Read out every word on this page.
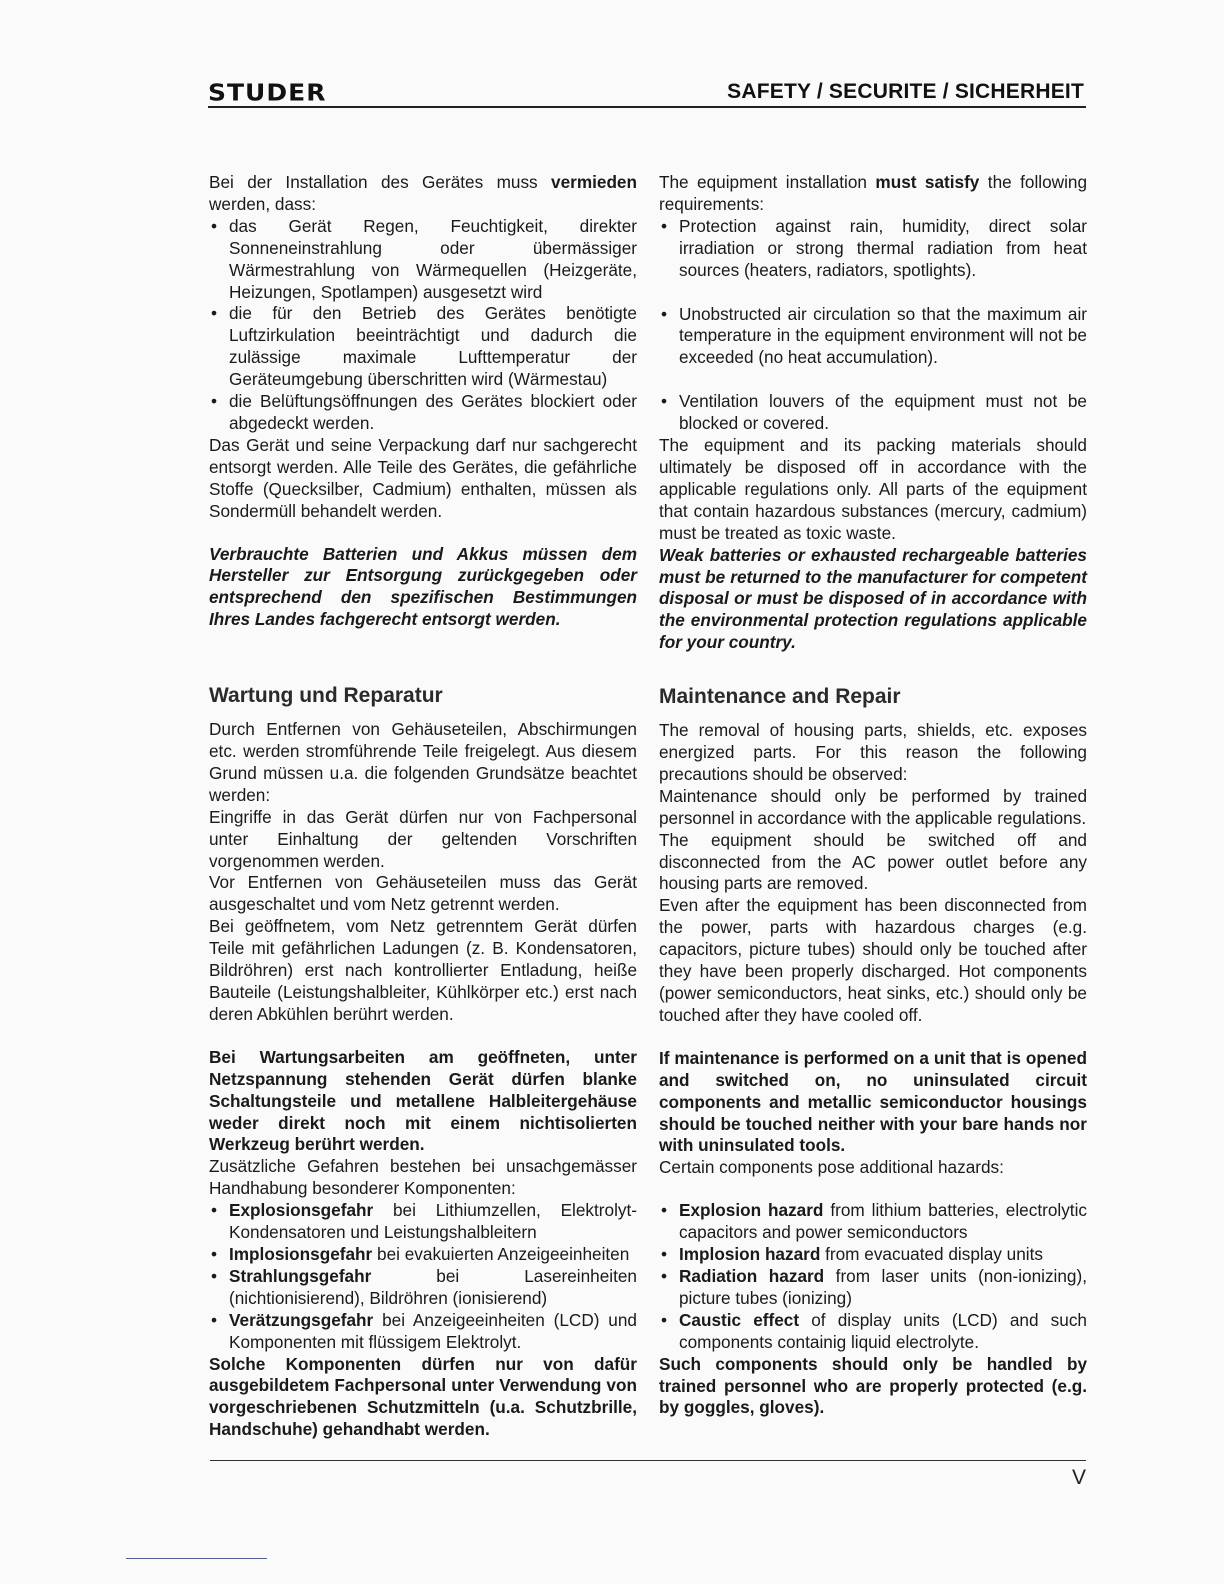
STUDER	SAFETY / SECURITE / SICHERHEIT

Bei der Installation des Gerätes muss vermieden werden, dass:

• das Gerät Regen, Feuchtigkeit, direkter Sonneneinstrahlung oder übermässiger Wärmestrahlung von Wärmequellen (Heizgeräte, Heizungen, Spotlampen) ausgesetzt wird
• die für den Betrieb des Gerätes benötigte Luftzirkulation beeinträchtigt und dadurch die zulässige maximale Lufttemperatur der Geräteumgebung überschritten wird (Wärmestau)
• die Belüftungsöffnungen des Gerätes blockiert oder abgedeckt werden.

Das Gerät und seine Verpackung darf nur sachgerecht entsorgt werden. Alle Teile des Gerätes, die gefährliche Stoffe (Quecksilber, Cadmium) enthalten, müssen als Sondermüll behandelt werden.

Verbrauchte Batterien und Akkus müssen dem Hersteller zur Entsorgung zurückgegeben oder entsprechend den spezifischen Bestimmungen Ihres Landes fachgerecht entsorgt werden.

Wartung und Reparatur

Durch Entfernen von Gehäuseteilen, Abschirmungen etc. werden stromführende Teile freigelegt. Aus diesem Grund müssen u.a. die folgenden Grundsätze beachtet werden:

Eingriffe in das Gerät dürfen nur von Fachpersonal unter Einhaltung der geltenden Vorschriften vorgenommen werden.

Vor Entfernen von Gehäuseteilen muss das Gerät ausgeschaltet und vom Netz getrennt werden.

Bei geöffnetem, vom Netz getrenntem Gerät dürfen Teile mit gefährlichen Ladungen (z. B. Kondensatoren, Bildröhren) erst nach kontrollierter Entladung, heiße Bauteile (Leistungshalbleiter, Kühlkörper etc.) erst nach deren Abkühlen berührt werden.

Bei Wartungsarbeiten am geöffneten, unter Netzspannung stehenden Gerät dürfen blanke Schaltungsteile und metallene Halbleitergehäuse weder direkt noch mit einem nichtisolierten Werkzeug berührt werden.

Zusätzliche Gefahren bestehen bei unsachgemässer Handhabung besonderer Komponenten:

• Explosionsgefahr bei Lithiumzellen, Elektrolyt-Kondensatoren und Leistungshalbleitern
• Implosionsgefahr bei evakuierten Anzeigeeinheiten
• Strahlungsgefahr bei Lasereinheiten (nichtionisierend), Bildröhren (ionisierend)
• Verätzungsgefahr bei Anzeigeeinheiten (LCD) und Komponenten mit flüssigem Elektrolyt.

Solche Komponenten dürfen nur von dafür ausgebildetem Fachpersonal unter Verwendung von vorgeschriebenen Schutzmitteln (u.a. Schutzbrille, Handschuhe) gehandhabt werden.

The equipment installation must satisfy the following requirements:

• Protection against rain, humidity, direct solar irradiation or strong thermal radiation from heat sources (heaters, radiators, spotlights).
• Unobstructed air circulation so that the maximum air temperature in the equipment environment will not be exceeded (no heat accumulation).
• Ventilation louvers of the equipment must not be blocked or covered.

The equipment and its packing materials should ultimately be disposed off in accordance with the applicable regulations only. All parts of the equipment that contain hazardous substances (mercury, cadmium) must be treated as toxic waste.

Weak batteries or exhausted rechargeable batteries must be returned to the manufacturer for competent disposal or must be disposed of in accordance with the environmental protection regulations applicable for your country.

Maintenance and Repair

The removal of housing parts, shields, etc. exposes energized parts. For this reason the following precautions should be observed:

Maintenance should only be performed by trained personnel in accordance with the applicable regulations.

The equipment should be switched off and disconnected from the AC power outlet before any housing parts are removed.

Even after the equipment has been disconnected from the power, parts with hazardous charges (e.g. capacitors, picture tubes) should only be touched after they have been properly discharged. Hot components (power semiconductors, heat sinks, etc.) should only be touched after they have cooled off.

If maintenance is performed on a unit that is opened and switched on, no uninsulated circuit components and metallic semiconductor housings should be touched neither with your bare hands nor with uninsulated tools.

Certain components pose additional hazards:

• Explosion hazard from lithium batteries, electrolytic capacitors and power semiconductors
• Implosion hazard from evacuated display units
• Radiation hazard from laser units (non-ionizing), picture tubes (ionizing)
• Caustic effect of display units (LCD) and such components containig liquid electrolyte.

Such components should only be handled by trained personnel who are properly protected (e.g. by goggles, gloves).

V
